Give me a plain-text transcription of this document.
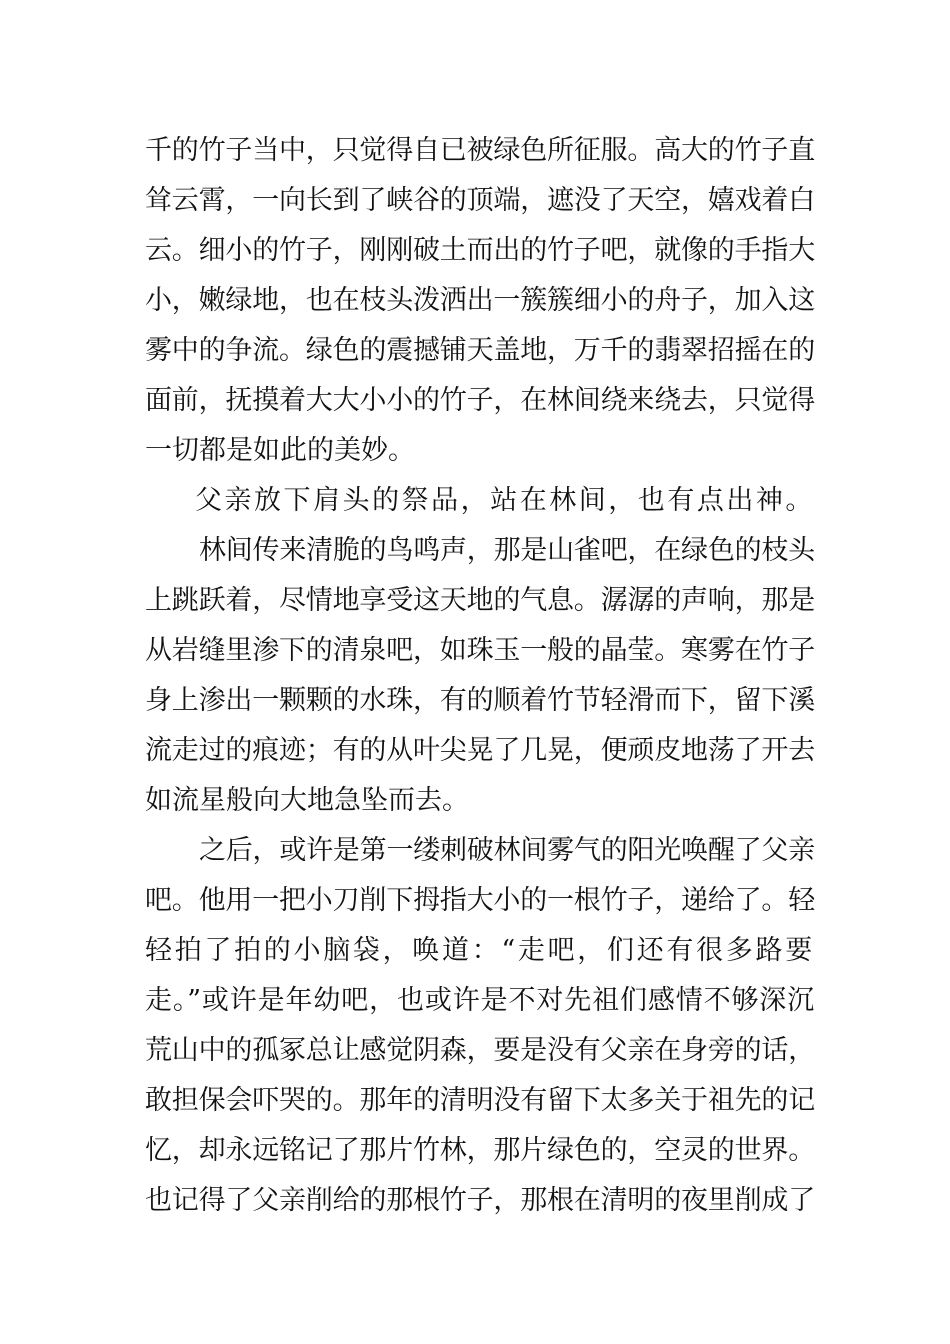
千的竹子当中，只觉得自已被绿色所征服。高大的竹子直
耸云霄，一向长到了峡谷的顶端，遮没了天空，嬉戏着白
云。细小的竹子，刚刚破土而出的竹子吧，就像的手指大
小，嫩绿地，也在枝头泼洒出一簇簇细小的舟子，加入这
雾中的争流。绿色的震撼铺天盖地，万千的翡翠招摇在的
面前，抚摸着大大小小的竹子，在林间绕来绕去，只觉得
一切都是如此的美妙。
父亲放下肩头的祭品，站在林间，也有点出神。
林间传来清脆的鸟鸣声，那是山雀吧，在绿色的枝头
上跳跃着，尽情地享受这天地的气息。潺潺的声响，那是
从岩缝里渗下的清泉吧，如珠玉一般的晶莹。寒雾在竹子
身上渗出一颗颗的水珠，有的顺着竹节轻滑而下，留下溪
流走过的痕迹；有的从叶尖晃了几晃，便顽皮地荡了开去
如流星般向大地急坠而去。
之后，或许是第一缕刺破林间雾气的阳光唤醒了父亲
吧。他用一把小刀削下拇指大小的一根竹子，递给了。轻
轻拍了拍的小脑袋，唤道：“走吧，们还有很多路要
走。”或许是年幼吧，也或许是不对先祖们感情不够深沉
荒山中的孤冢总让感觉阴森，要是没有父亲在身旁的话，
敢担保会吓哭的。那年的清明没有留下太多关于祖先的记
忆，却永远铭记了那片竹林，那片绿色的，空灵的世界。
也记得了父亲削给的那根竹子，那根在清明的夜里削成了
